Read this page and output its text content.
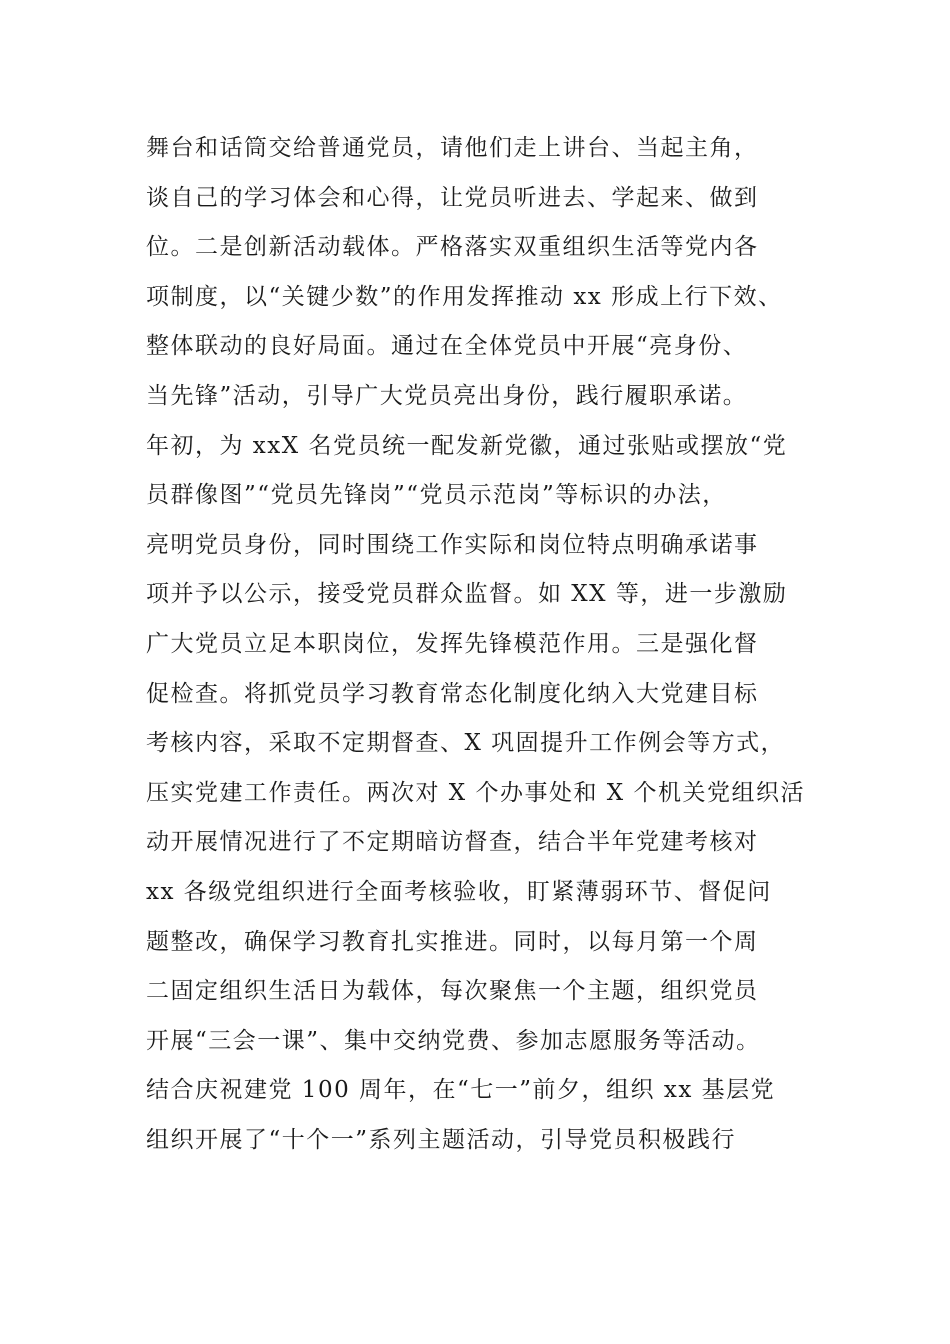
舞台和话筒交给普通党员，请他们走上讲台、当起主角，
谈自己的学习体会和心得，让党员听进去、学起来、做到
位。二是创新活动载体。严格落实双重组织生活等党内各
项制度，以“关键少数”的作用发挥推动 xx 形成上行下效、
整体联动的良好局面。通过在全体党员中开展“亮身份、
当先锋”活动，引导广大党员亮出身份，践行履职承诺。
年初，为 xxX 名党员统一配发新党徽，通过张贴或摆放“党
员群像图”“党员先锋岗”“党员示范岗”等标识的办法，
亮明党员身份，同时围绕工作实际和岗位特点明确承诺事
项并予以公示，接受党员群众监督。如 XX 等，进一步激励
广大党员立足本职岗位，发挥先锋模范作用。三是强化督
促检查。将抓党员学习教育常态化制度化纳入大党建目标
考核内容，采取不定期督查、X 巩固提升工作例会等方式，
压实党建工作责任。两次对 X 个办事处和 X 个机关党组织活
动开展情况进行了不定期暗访督查，结合半年党建考核对
xx 各级党组织进行全面考核验收，盯紧薄弱环节、督促问
题整改，确保学习教育扎实推进。同时，以每月第一个周
二固定组织生活日为载体，每次聚焦一个主题，组织党员
开展“三会一课”、集中交纳党费、参加志愿服务等活动。
结合庆祝建党 100 周年，在“七一”前夕，组织 xx 基层党
组织开展了“十个一”系列主题活动，引导党员积极践行
